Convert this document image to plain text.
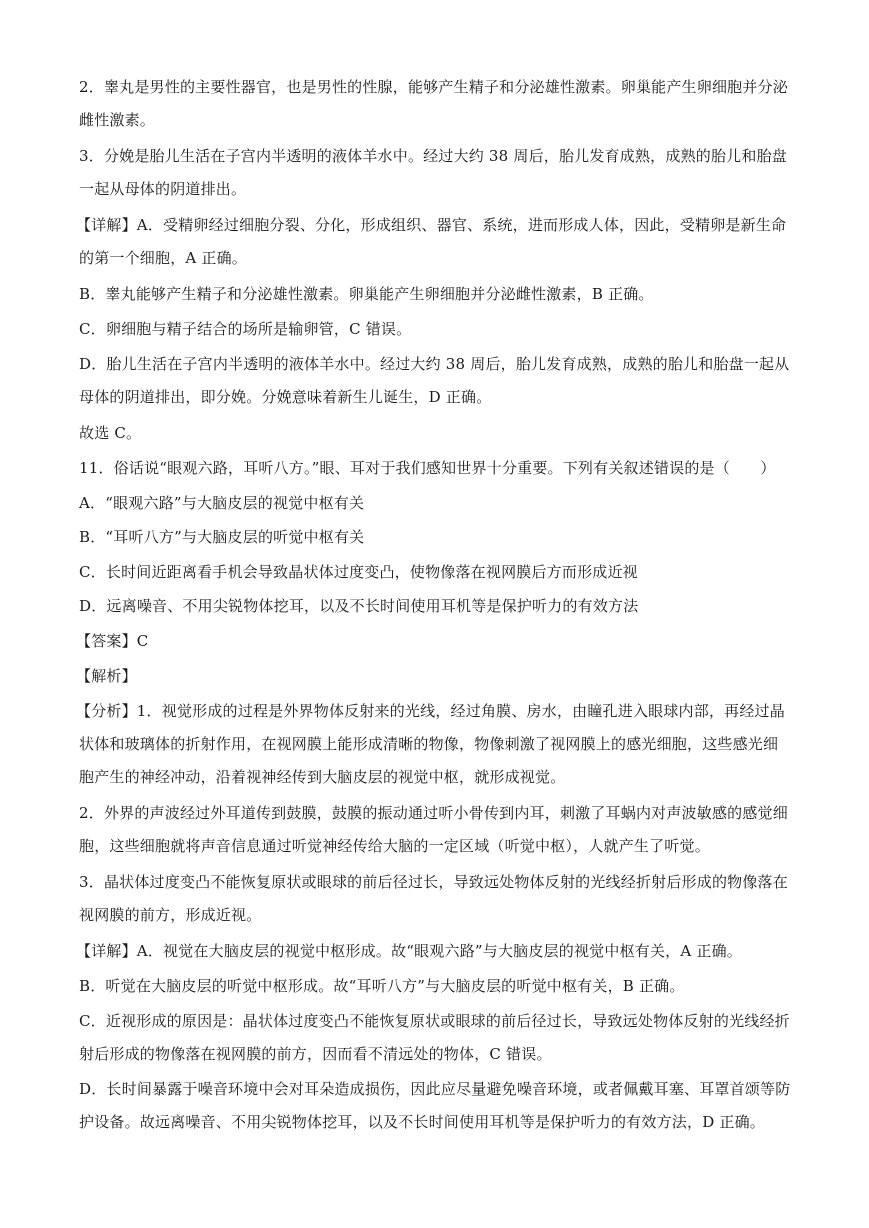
2．睾丸是男性的主要性器官，也是男性的性腺，能够产生精子和分泌雄性激素。卵巢能产生卵细胞并分泌
雌性激素。
3．分娩是胎儿生活在子宫内半透明的液体羊水中。经过大约 38 周后，胎儿发育成熟，成熟的胎儿和胎盘
一起从母体的阴道排出。
【详解】A．受精卵经过细胞分裂、分化，形成组织、器官、系统，进而形成人体，因此，受精卵是新生命
的第一个细胞，A 正确。
B．睾丸能够产生精子和分泌雄性激素。卵巢能产生卵细胞并分泌雌性激素，B 正确。
C．卵细胞与精子结合的场所是输卵管，C 错误。
D．胎儿生活在子宫内半透明的液体羊水中。经过大约 38 周后，胎儿发育成熟，成熟的胎儿和胎盘一起从
母体的阴道排出，即分娩。分娩意味着新生儿诞生，D 正确。
故选 C。
11．俗话说“眼观六路，耳听八方。”眼、耳对于我们感知世界十分重要。下列有关叙述错误的是（　　）
A．“眼观六路”与大脑皮层的视觉中枢有关
B．“耳听八方”与大脑皮层的听觉中枢有关
C．长时间近距离看手机会导致晶状体过度变凸，使物像落在视网膜后方而形成近视
D．远离噪音、不用尖锐物体挖耳，以及不长时间使用耳机等是保护听力的有效方法
【答案】C
【解析】
【分析】1．视觉形成的过程是外界物体反射来的光线，经过角膜、房水，由瞳孔进入眼球内部，再经过晶
状体和玻璃体的折射作用，在视网膜上能形成清晰的物像，物像刺激了视网膜上的感光细胞，这些感光细
胞产生的神经冲动，沿着视神经传到大脑皮层的视觉中枢，就形成视觉。
2．外界的声波经过外耳道传到鼓膜，鼓膜的振动通过听小骨传到内耳，刺激了耳蜗内对声波敏感的感觉细
胞，这些细胞就将声音信息通过听觉神经传给大脑的一定区域（听觉中枢），人就产生了听觉。
3．晶状体过度变凸不能恢复原状或眼球的前后径过长，导致远处物体反射的光线经折射后形成的物像落在
视网膜的前方，形成近视。
【详解】A．视觉在大脑皮层的视觉中枢形成。故“眼观六路”与大脑皮层的视觉中枢有关，A 正确。
B．听觉在大脑皮层的听觉中枢形成。故“耳听八方”与大脑皮层的听觉中枢有关，B 正确。
C．近视形成的原因是：晶状体过度变凸不能恢复原状或眼球的前后径过长，导致远处物体反射的光线经折
射后形成的物像落在视网膜的前方，因而看不清远处的物体，C 错误。
D．长时间暴露于噪音环境中会对耳朵造成损伤，因此应尽量避免噪音环境，或者佩戴耳塞、耳罩首颂等防
护设备。故远离噪音、不用尖锐物体挖耳，以及不长时间使用耳机等是保护听力的有效方法，D 正确。
